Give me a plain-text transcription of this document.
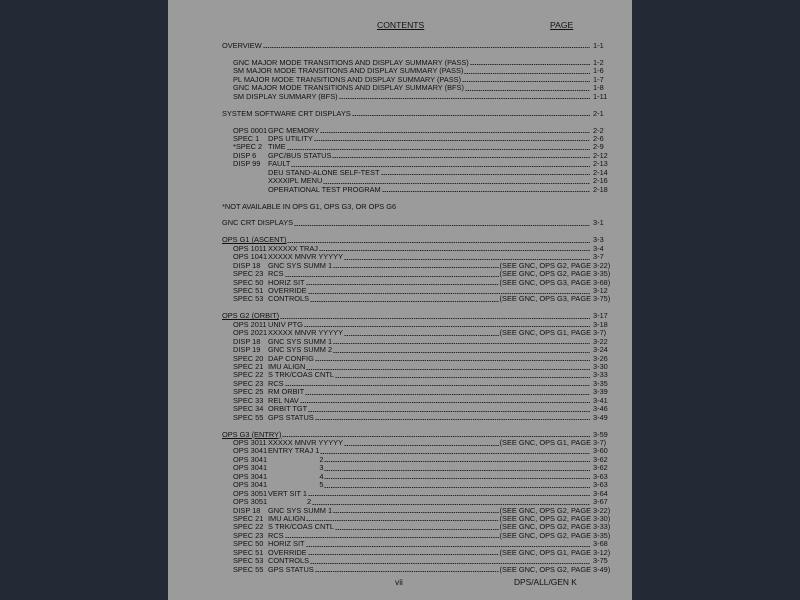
CONTENTS	PAGE
OVERVIEW	1-1
GNC MAJOR MODE TRANSITIONS AND DISPLAY SUMMARY (PASS)	1-2
SM MAJOR MODE TRANSITIONS AND DISPLAY SUMMARY (PASS)	1-6
PL MAJOR MODE TRANSITIONS AND DISPLAY SUMMARY (PASS)	1-7
GNC MAJOR MODE TRANSITIONS AND DISPLAY SUMMARY (BFS)	1-8
SM DISPLAY SUMMARY (BFS)	1-11
SYSTEM SOFTWARE CRT DISPLAYS	2-1
OPS 0001 GPC MEMORY	2-2
SPEC 1	DPS UTILITY	2-6
*SPEC 2 TIME	2-9
DISP 6	GPC/BUS STATUS	2-12
DISP 99	FAULT	2-13
DEU STAND-ALONE SELF-TEST	2-14
XXXXIPL MENU	2-16
OPERATIONAL TEST PROGRAM	2-18
*NOT AVAILABLE IN OPS G1, OPS G3, OR OPS G6
GNC CRT DISPLAYS	3-1
OPS G1 (ASCENT)	3-3
OPS 1011 XXXXXX TRAJ	3-4
OPS 1041 XXXXX MNVR YYYYY	3-7
DISP 18	GNC SYS SUMM 1	(SEE GNC, OPS G2, PAGE 3-22)
SPEC 23 RCS	(SEE GNC, OPS G2, PAGE 3-35)
SPEC 50 HORIZ SIT	(SEE GNC, OPS G3, PAGE 3-68)
SPEC 51 OVERRIDE	3-12
SPEC 53 CONTROLS	(SEE GNC, OPS G3, PAGE 3-75)
OPS G2 (ORBIT)	3-17
OPS 2011 UNIV PTG	3-18
OPS 2021 XXXXX MNVR YYYYY	(SEE GNC, OPS G1, PAGE 3-7)
DISP 18	GNC SYS SUMM 1	3-22
DISP 19	GNC SYS SUMM 2	3-24
SPEC 20 DAP CONFIG	3-26
SPEC 21 IMU ALIGN	3-30
SPEC 22 S TRK/COAS CNTL	3-33
SPEC 23 RCS	3-35
SPEC 25 RM ORBIT	3-39
SPEC 33 REL NAV	3-41
SPEC 34 ORBIT TGT	3-46
SPEC 55 GPS STATUS	3-49
OPS G3 (ENTRY)	3-59
OPS 3011 XXXXX MNVR YYYYY	(SEE GNC, OPS G1, PAGE 3-7)
OPS 3041 ENTRY TRAJ 1	3-60
OPS 3041 2	3-62
OPS 3041 3	3-62
OPS 3041 4	3-63
OPS 3041 5	3-63
OPS 3051 VERT SIT 1	3-64
OPS 3051 2	3-67
DISP 18	GNC SYS SUMM 1	(SEE GNC, OPS G2, PAGE 3-22)
SPEC 21 IMU ALIGN	(SEE GNC, OPS G2, PAGE 3-30)
SPEC 22 S TRK/COAS CNTL	(SEE GNC, OPS G2, PAGE 3-33)
SPEC 23 RCS	(SEE GNC, OPS G2, PAGE 3-35)
SPEC 50 HORIZ SIT	3-68
SPEC 51 OVERRIDE	(SEE GNC, OPS G1, PAGE 3-12)
SPEC 53 CONTROLS	3-75
SPEC 55 GPS STATUS	(SEE GNC, OPS G2, PAGE 3-49)
vii	DPS/ALL/GEN K
